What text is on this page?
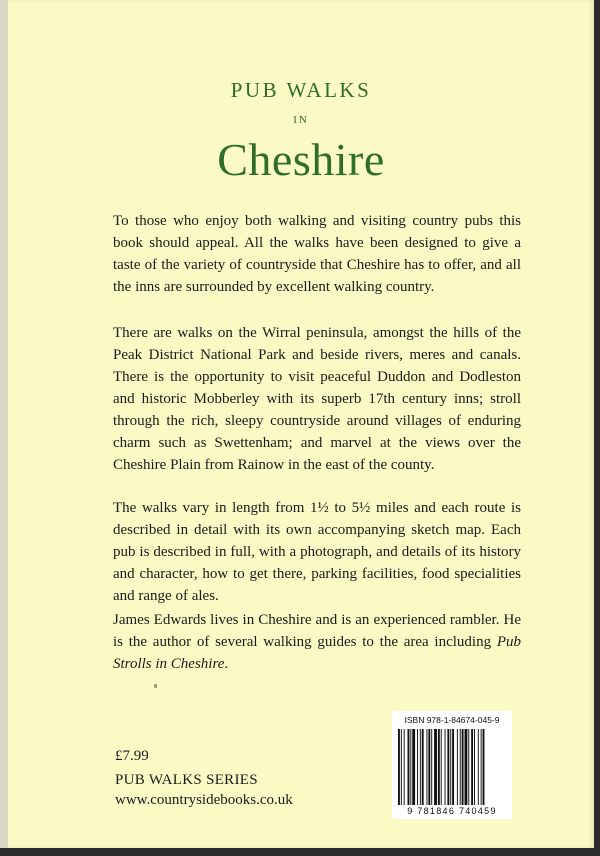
PUB WALKS
IN
Cheshire
To those who enjoy both walking and visiting country pubs this book should appeal. All the walks have been designed to give a taste of the variety of countryside that Cheshire has to offer, and all the inns are surrounded by excellent walking country.
There are walks on the Wirral peninsula, amongst the hills of the Peak District National Park and beside rivers, meres and canals. There is the opportunity to visit peaceful Duddon and Dodleston and historic Mobberley with its superb 17th century inns; stroll through the rich, sleepy countryside around villages of enduring charm such as Swettenham; and marvel at the views over the Cheshire Plain from Rainow in the east of the county.
The walks vary in length from 1½ to 5½ miles and each route is described in detail with its own accompanying sketch map. Each pub is described in full, with a photograph, and details of its history and character, how to get there, parking facilities, food specialities and range of ales.
James Edwards lives in Cheshire and is an experienced rambler. He is the author of several walking guides to the area including Pub Strolls in Cheshire.
£7.99
PUB WALKS SERIES
www.countrysidebooks.co.uk
ISBN 978-1-84674-045-9
9 781846 740459
